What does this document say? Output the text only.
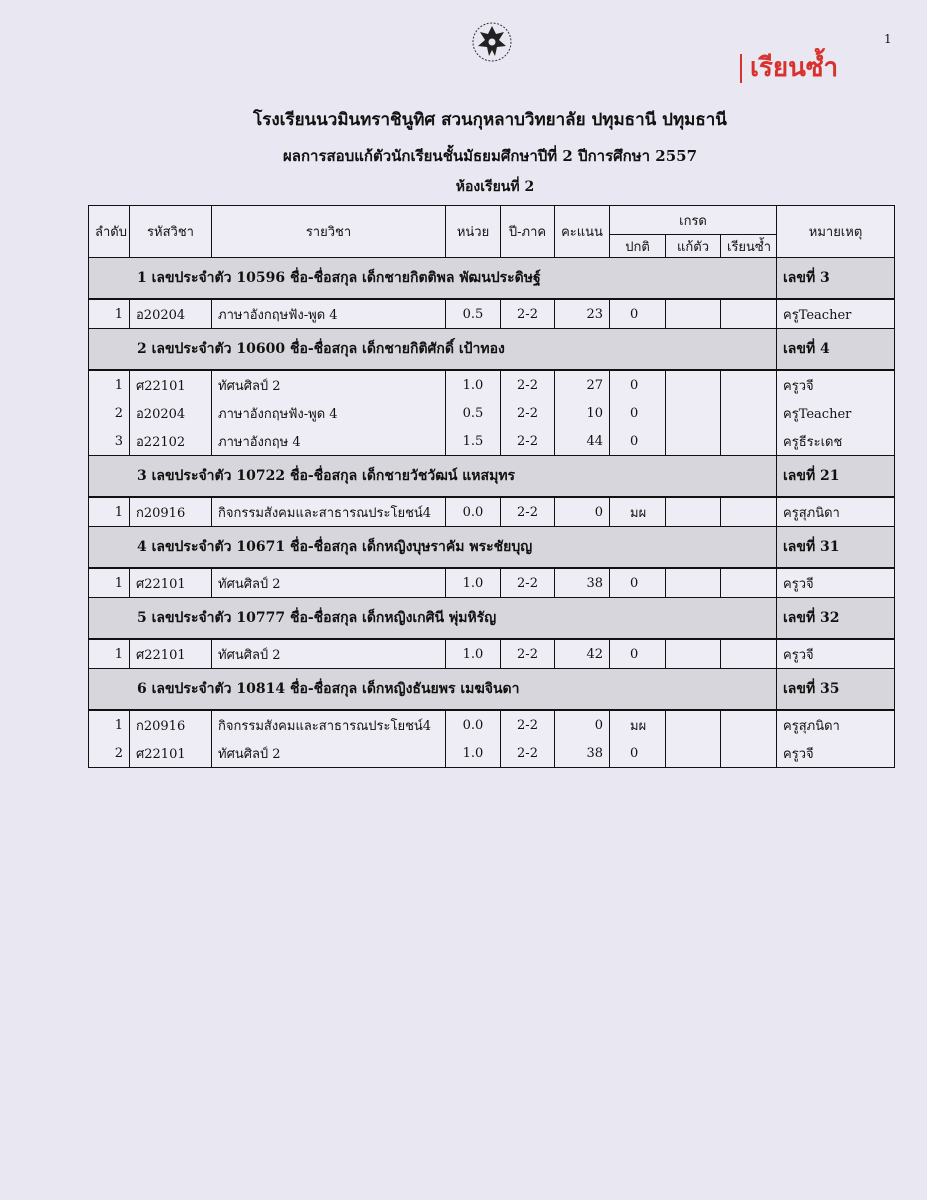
1
เรียนซ้ำ
โรงเรียนนวมินทราชินูทิศ สวนกุหลาบวิทยาลัย ปทุมธานี ปทุมธานี
ผลการสอบแก้ตัวนักเรียนชั้นมัธยมศึกษาปีที่ 2 ปีการศึกษา 2557
ห้องเรียนที่ 2
ลำดับ	รหัสวิชา	รายวิชา	หน่วย	ปี-ภาค	คะแนน	เกรด			หมายเหตุ
						ปกติ	แก้ตัว	เรียนซ้ำ	
1 เลขประจำตัว 10596 ชื่อ-ชื่อสกุล เด็กชายกิตติพล พัฒนประดิษฐ์									เลขที่ 3

1	อ20204	ภาษาอังกฤษฟัง-พูด 4	0.5	2-2	23	0			ครูTeacher
2 เลขประจำตัว 10600 ชื่อ-ชื่อสกุล เด็กชายกิติศักดิ์ เป้าทอง									เลขที่ 4

1	ศ22101	ทัศนศิลป์ 2	1.0	2-2	27	0			ครูวจี
2	อ20204	ภาษาอังกฤษฟัง-พูด 4	0.5	2-2	10	0			ครูTeacher
3	อ22102	ภาษาอังกฤษ 4	1.5	2-2	44	0			ครูธีระเดช
3 เลขประจำตัว 10722 ชื่อ-ชื่อสกุล เด็กชายวัชวัฒน์ แหสมุทร									เลขที่ 21

1	ก20916	กิจกรรมสังคมและสาธารณประโยชน์4	0.0	2-2	0	มผ			ครูสุภนิดา
4 เลขประจำตัว 10671 ชื่อ-ชื่อสกุล เด็กหญิงบุษราคัม พระชัยบุญ									เลขที่ 31

1	ศ22101	ทัศนศิลป์ 2	1.0	2-2	38	0			ครูวจี
5 เลขประจำตัว 10777 ชื่อ-ชื่อสกุล เด็กหญิงเกศินี พุ่มหิรัญ									เลขที่ 32

1	ศ22101	ทัศนศิลป์ 2	1.0	2-2	42	0			ครูวจี
6 เลขประจำตัว 10814 ชื่อ-ชื่อสกุล เด็กหญิงธันยพร เมฆจินดา									เลขที่ 35

1	ก20916	กิจกรรมสังคมและสาธารณประโยชน์4	0.0	2-2	0	มผ			ครูสุภนิดา
2	ศ22101	ทัศนศิลป์ 2	1.0	2-2	38	0			ครูวจี
